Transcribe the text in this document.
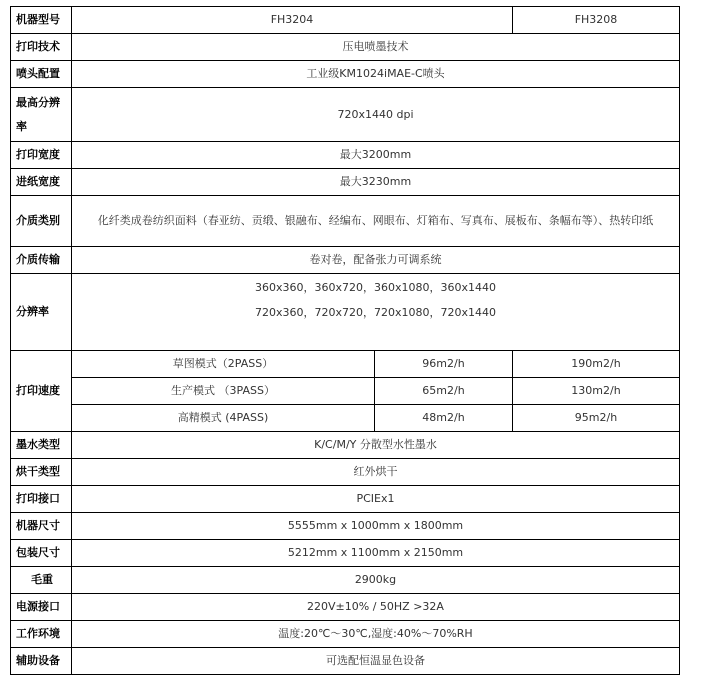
机器型号	FH3204		FH3208
打印技术	压电喷墨技术		
喷头配置	工业级KM1024iMAE-C喷头		
最高分辨率	720x1440 dpi		
打印宽度	最大3200mm		
进纸宽度	最大3230mm		
介质类别	化纤类成卷纺织面料（春亚纺、贡缎、银融布、经编布、网眼布、灯箱布、写真布、展板布、条幅布等）、热转印纸		
介质传输	卷对卷，配备张力可调系统		
分辨率	360x360，360x720，360x1080，360x1440
720x360，720x720，720x1080，720x1440		

打印速度	草图模式（2PASS）	96m2/h	190m2/h
	生产模式 （3PASS）	65m2/h	130m2/h
	高精模式 (4PASS)	48m2/h	95m2/h
墨水类型	K/C/M/Y 分散型水性墨水		
烘干类型	红外烘干		
打印接口	PCIEx1		
机器尺寸	5555mm x 1000mm x 1800mm		
包装尺寸	5212mm x 1100mm x 2150mm		
毛重	2900kg		
电源接口	220V±10% / 50HZ >32A		
工作环境	温度:20℃～30℃,湿度:40%～70%RH		
辅助设备	可选配恒温显色设备		
